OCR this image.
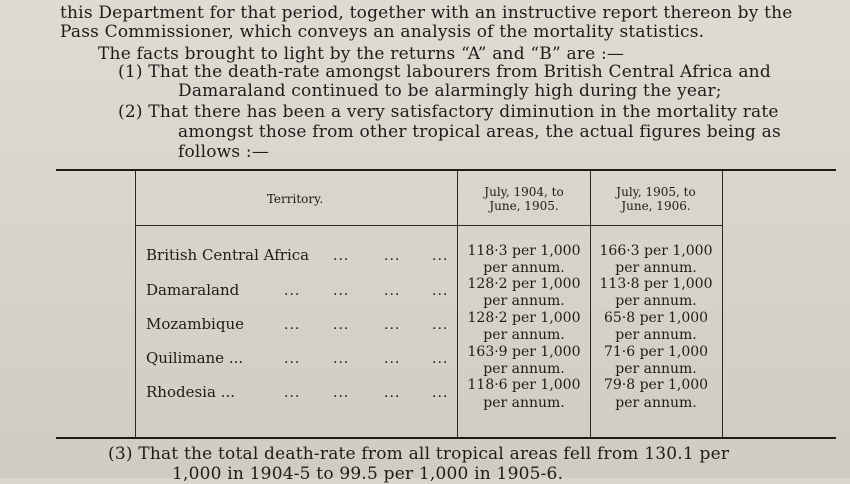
this Department for that period, together with an instructive report thereon by the
Pass Commissioner, which conveys an analysis of the mortality statistics.
The facts brought to light by the returns “A” and “B” are :—
(1) That the death-rate amongst labourers from British Central Africa and
Damaraland continued to be alarmingly high during the year;
(2) That there has been a very satisfactory diminution in the mortality rate
amongst those from other tropical areas, the actual figures being as
follows :—
Territory.	July, 1904, to
June, 1905.
July, 1905, to
June, 1906.
British Central Africa ... ... ...	118·3 per 1,000
per annum.
166·3 per 1,000
per annum.
Damaraland	... ... ... ...	128·2 per 1,000
per annum.
113·8 per 1,000
per annum.
Mozambique	... ... ... ...	128·2 per 1,000
per annum.
65·8 per 1,000
per annum.
Quilimane ...	... ... ... ...	163·9 per 1,000
per annum.
71·6 per 1,000
per annum.
Rhodesia ...	... ... ... ...	118·6 per 1,000
per annum.
79·8 per 1,000
per annum.
(3) That the total death-rate from all tropical areas fell from 130.1 per
1,000 in 1904-5 to 99.5 per 1,000 in 1905-6.
